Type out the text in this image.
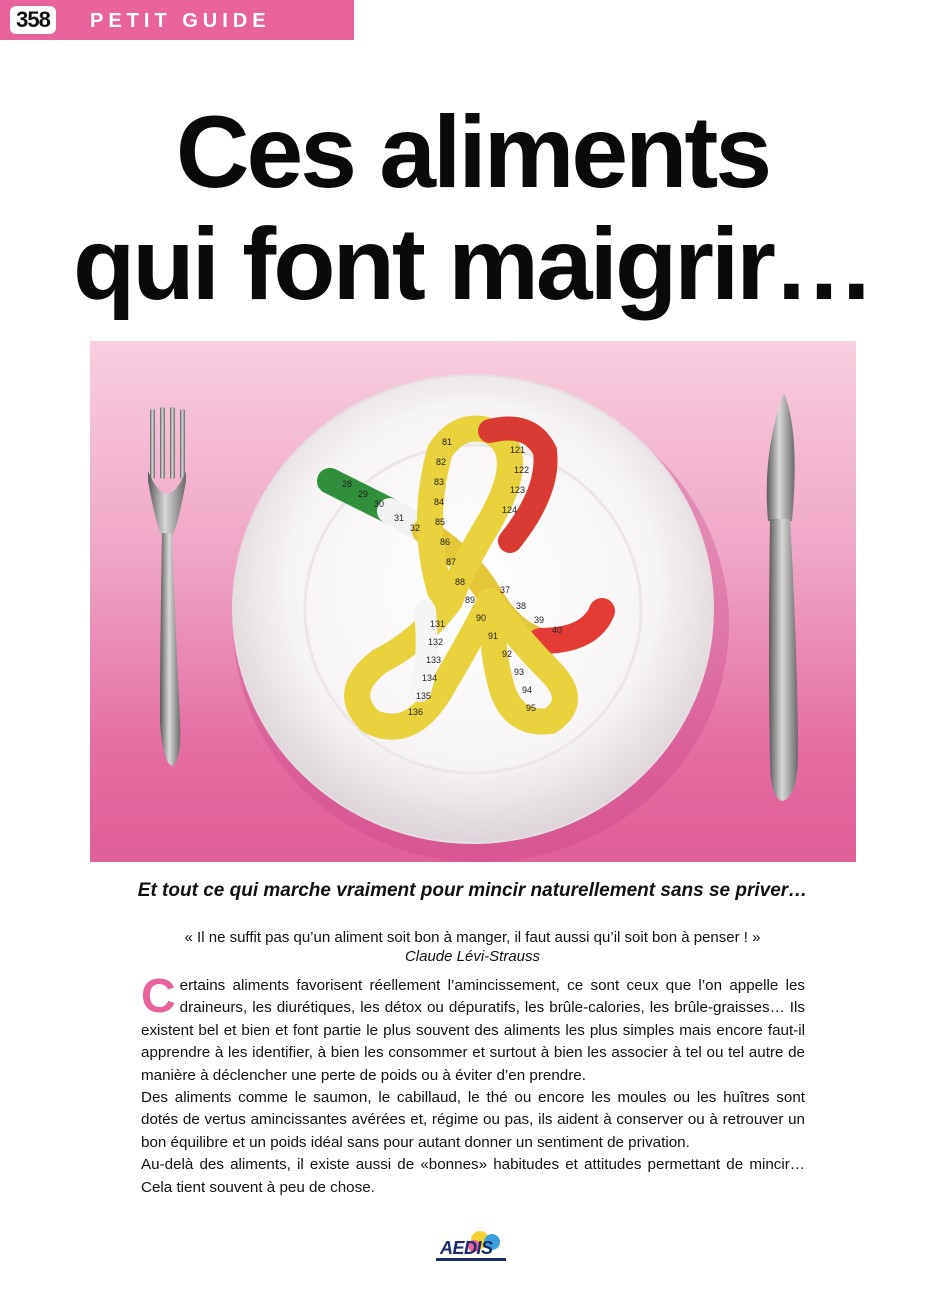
358	PETIT GUIDE
Ces aliments
qui font maigrir…
81
82
83
84
85
86
87
88
89
90
91
92
93
94
95
121
122
123
124
131
132
133
134
135
136
28
29
30
31
32
37
38
39
40
Et tout ce qui marche vraiment pour mincir naturellement sans se priver…
« Il ne suffit pas qu’un aliment soit bon à manger, il faut aussi qu’il soit bon à penser ! »
Claude Lévi-Strauss

Certains aliments favorisent réellement l’amincissement, ce sont ceux que l’on appelle les draineurs, les diurétiques, les détox ou dépuratifs, les brûle-calories, les brûle-graisses… Ils existent bel et bien et font partie le plus souvent des aliments les plus simples mais encore faut-il apprendre à les identifier, à bien les consommer et surtout à bien les associer à tel ou tel autre de manière à déclencher une perte de poids ou à éviter d’en prendre.

Des aliments comme le saumon, le cabillaud, le thé ou encore les moules ou les huîtres sont dotés de vertus amincissantes avérées et, régime ou pas, ils aident à conserver ou à retrouver un bon équilibre et un poids idéal sans pour autant donner un sentiment de privation.

Au-delà des aliments, il existe aussi de «bonnes» habitudes et attitudes permettant de mincir… Cela tient souvent à peu de chose.

AEDIS
